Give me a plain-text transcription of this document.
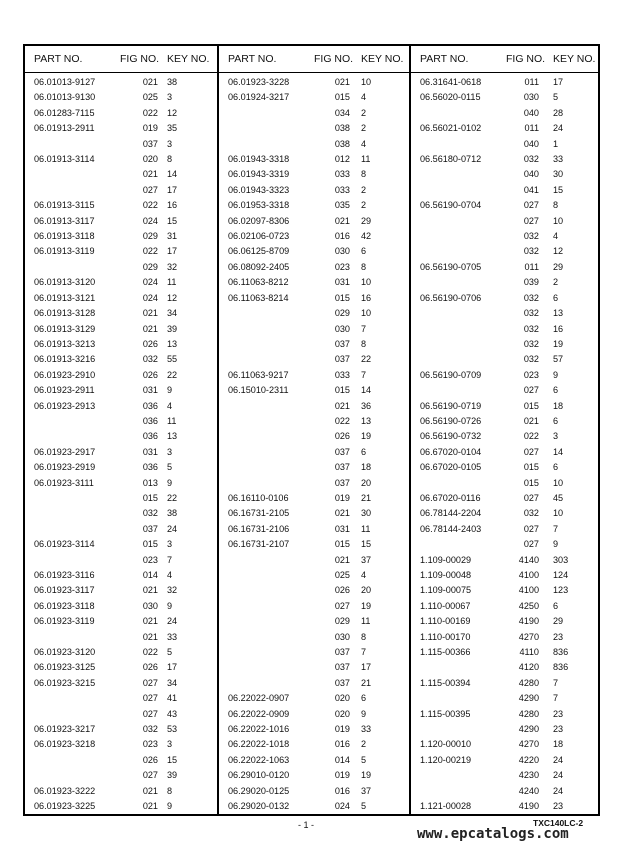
PART NO.	FIG NO. KEY NO.
06.01013-9127	021 38
06.01013-9130	025 3
06.01283-7115	022 12
06.01913-2911	019 35
037 3
06.01913-3114	020 8
021 14
027 17
06.01913-3115	022 16
06.01913-3117	024 15
06.01913-3118	029 31
06.01913-3119	022 17
029 32
06.01913-3120	024 11
06.01913-3121	024 12
06.01913-3128	021 34
06.01913-3129	021 39
06.01913-3213	026 13
06.01913-3216	032 55
06.01923-2910	026 22
06.01923-2911	031 9
06.01923-2913	036 4
036 11
036 13
06.01923-2917	031 3
06.01923-2919	036 5
06.01923-3111	013 9
015 22
032 38
037 24
06.01923-3114	015 3
023 7
06.01923-3116	014 4
06.01923-3117	021 32
06.01923-3118	030 9
06.01923-3119	021 24
021 33
06.01923-3120	022 5
06.01923-3125	026 17
06.01923-3215	027 34
027 41
027 43
06.01923-3217	032 53
06.01923-3218	023 3
026 15
027 39
06.01923-3222	021 8
06.01923-3225	021 9
PART NO.	FIG NO. KEY NO.
06.01923-3228	021 10
06.01924-3217	015 4
034 2
038 2
038 4
06.01943-3318	012 11
06.01943-3319	033 8
06.01943-3323	033 2
06.01953-3318	035 2
06.02097-8306	021 29
06.02106-0723	016 42
06.06125-8709	030 6
06.08092-2405	023 8
06.11063-8212	031 10
06.11063-8214	015 16
029 10
030 7
037 8
037 22
06.11063-9217	033 7
06.15010-2311	015 14
021 36
022 13
026 19
037 6
037 18
037 20
06.16110-0106	019 21
06.16731-2105	021 30
06.16731-2106	031 11
06.16731-2107	015 15
021 37
025 4
026 20
027 19
029 11
030 8
037 7
037 17
037 21
06.22022-0907	020 6
06.22022-0909	020 9
06.22022-1016	019 33
06.22022-1018	016 2
06.22022-1063	014 5
06.29010-0120	019 19
06.29020-0125	016 37
06.29020-0132	024 5
PART NO.	FIG NO. KEY NO.
06.31641-0618	011 17
06.56020-0115	030 5
040 28
06.56021-0102	011 24
040 1
06.56180-0712	032 33
040 30
041 15
06.56190-0704	027 8
027 10
032 4
032 12
06.56190-0705	011 29
039 2
06.56190-0706	032 6
032 13
032 16
032 19
032 57
06.56190-0709	023 9
027 6
06.56190-0719	015 18
06.56190-0726	021 6
06.56190-0732	022 3
06.67020-0104	027 14
06.67020-0105	015 6
015 10
06.67020-0116	027 45
06.78144-2204	032 10
06.78144-2403	027 7
027 9
1.109-00029	4140 303
1.109-00048	4100 124
1.109-00075	4100 123
1.110-00067	4250 6
1.110-00169	4190 29
1.110-00170	4270 23
1.115-00366	4110 836
4120 836
1.115-00394	4280 7
4290 7
1.115-00395	4280 23
4290 23
1.120-00010	4270 18
1.120-00219	4220 24
4230 24
4240 24
1.121-00028	4190 23
- 1 -	TXC140LC-2
www.epcatalogs.com
